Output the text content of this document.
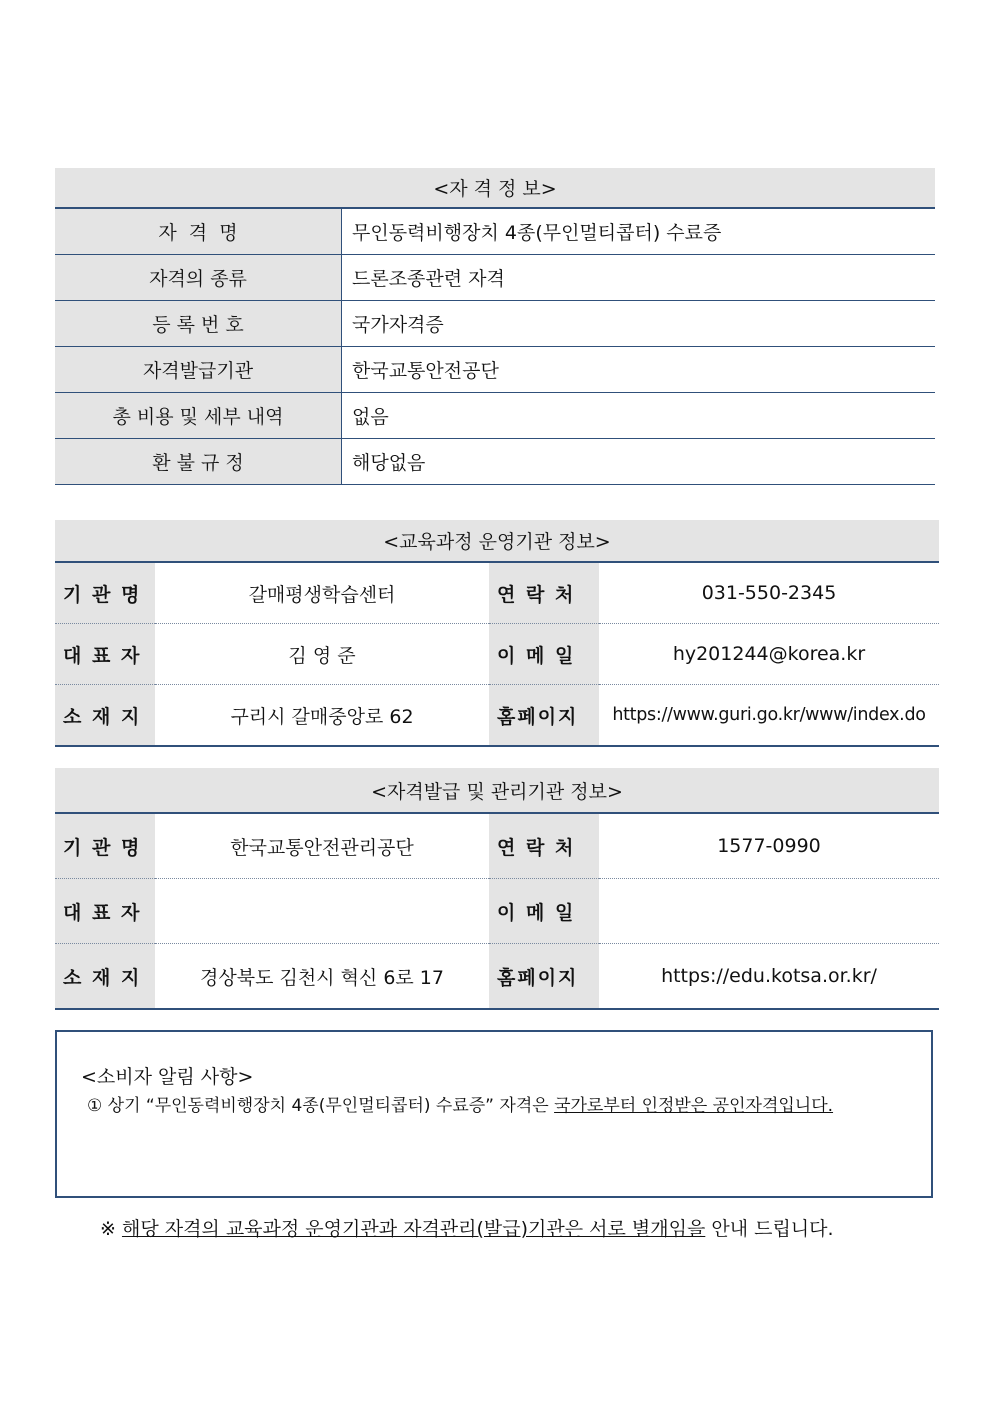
<자 격 정 보>
자  격  명	무인동력비행장치 4종(무인멀티콥터) 수료증
자격의 종류	드론조종관련 자격
등 록 번 호	국가자격증
자격발급기관	한국교통안전공단
총 비용 및 세부 내역	없음
환 불 규 정	해당없음
<교육과정 운영기관 정보>
기 관 명	갈매평생학습센터	연 락 처	031-550-2345
대 표 자	김 영 준	이 메 일	hy201244@korea.kr
소 재 지	구리시 갈매중앙로 62	홈페이지	https://www.guri.go.kr/www/index.do
<자격발급 및 관리기관 정보>
기 관 명	한국교통안전관리공단	연 락 처	1577-0990
대 표 자		이 메 일	
소 재 지	경상북도 김천시 혁신 6로 17	홈페이지	https://edu.kotsa.or.kr/
<소비자 알림 사항>
① 상기 “무인동력비행장치 4종(무인멀티콥터) 수료증” 자격은 국가로부터 인정받은 공인자격입니다.
※ 해당 자격의 교육과정 운영기관과 자격관리(발급)기관은 서로 별개임을 안내 드립니다.
